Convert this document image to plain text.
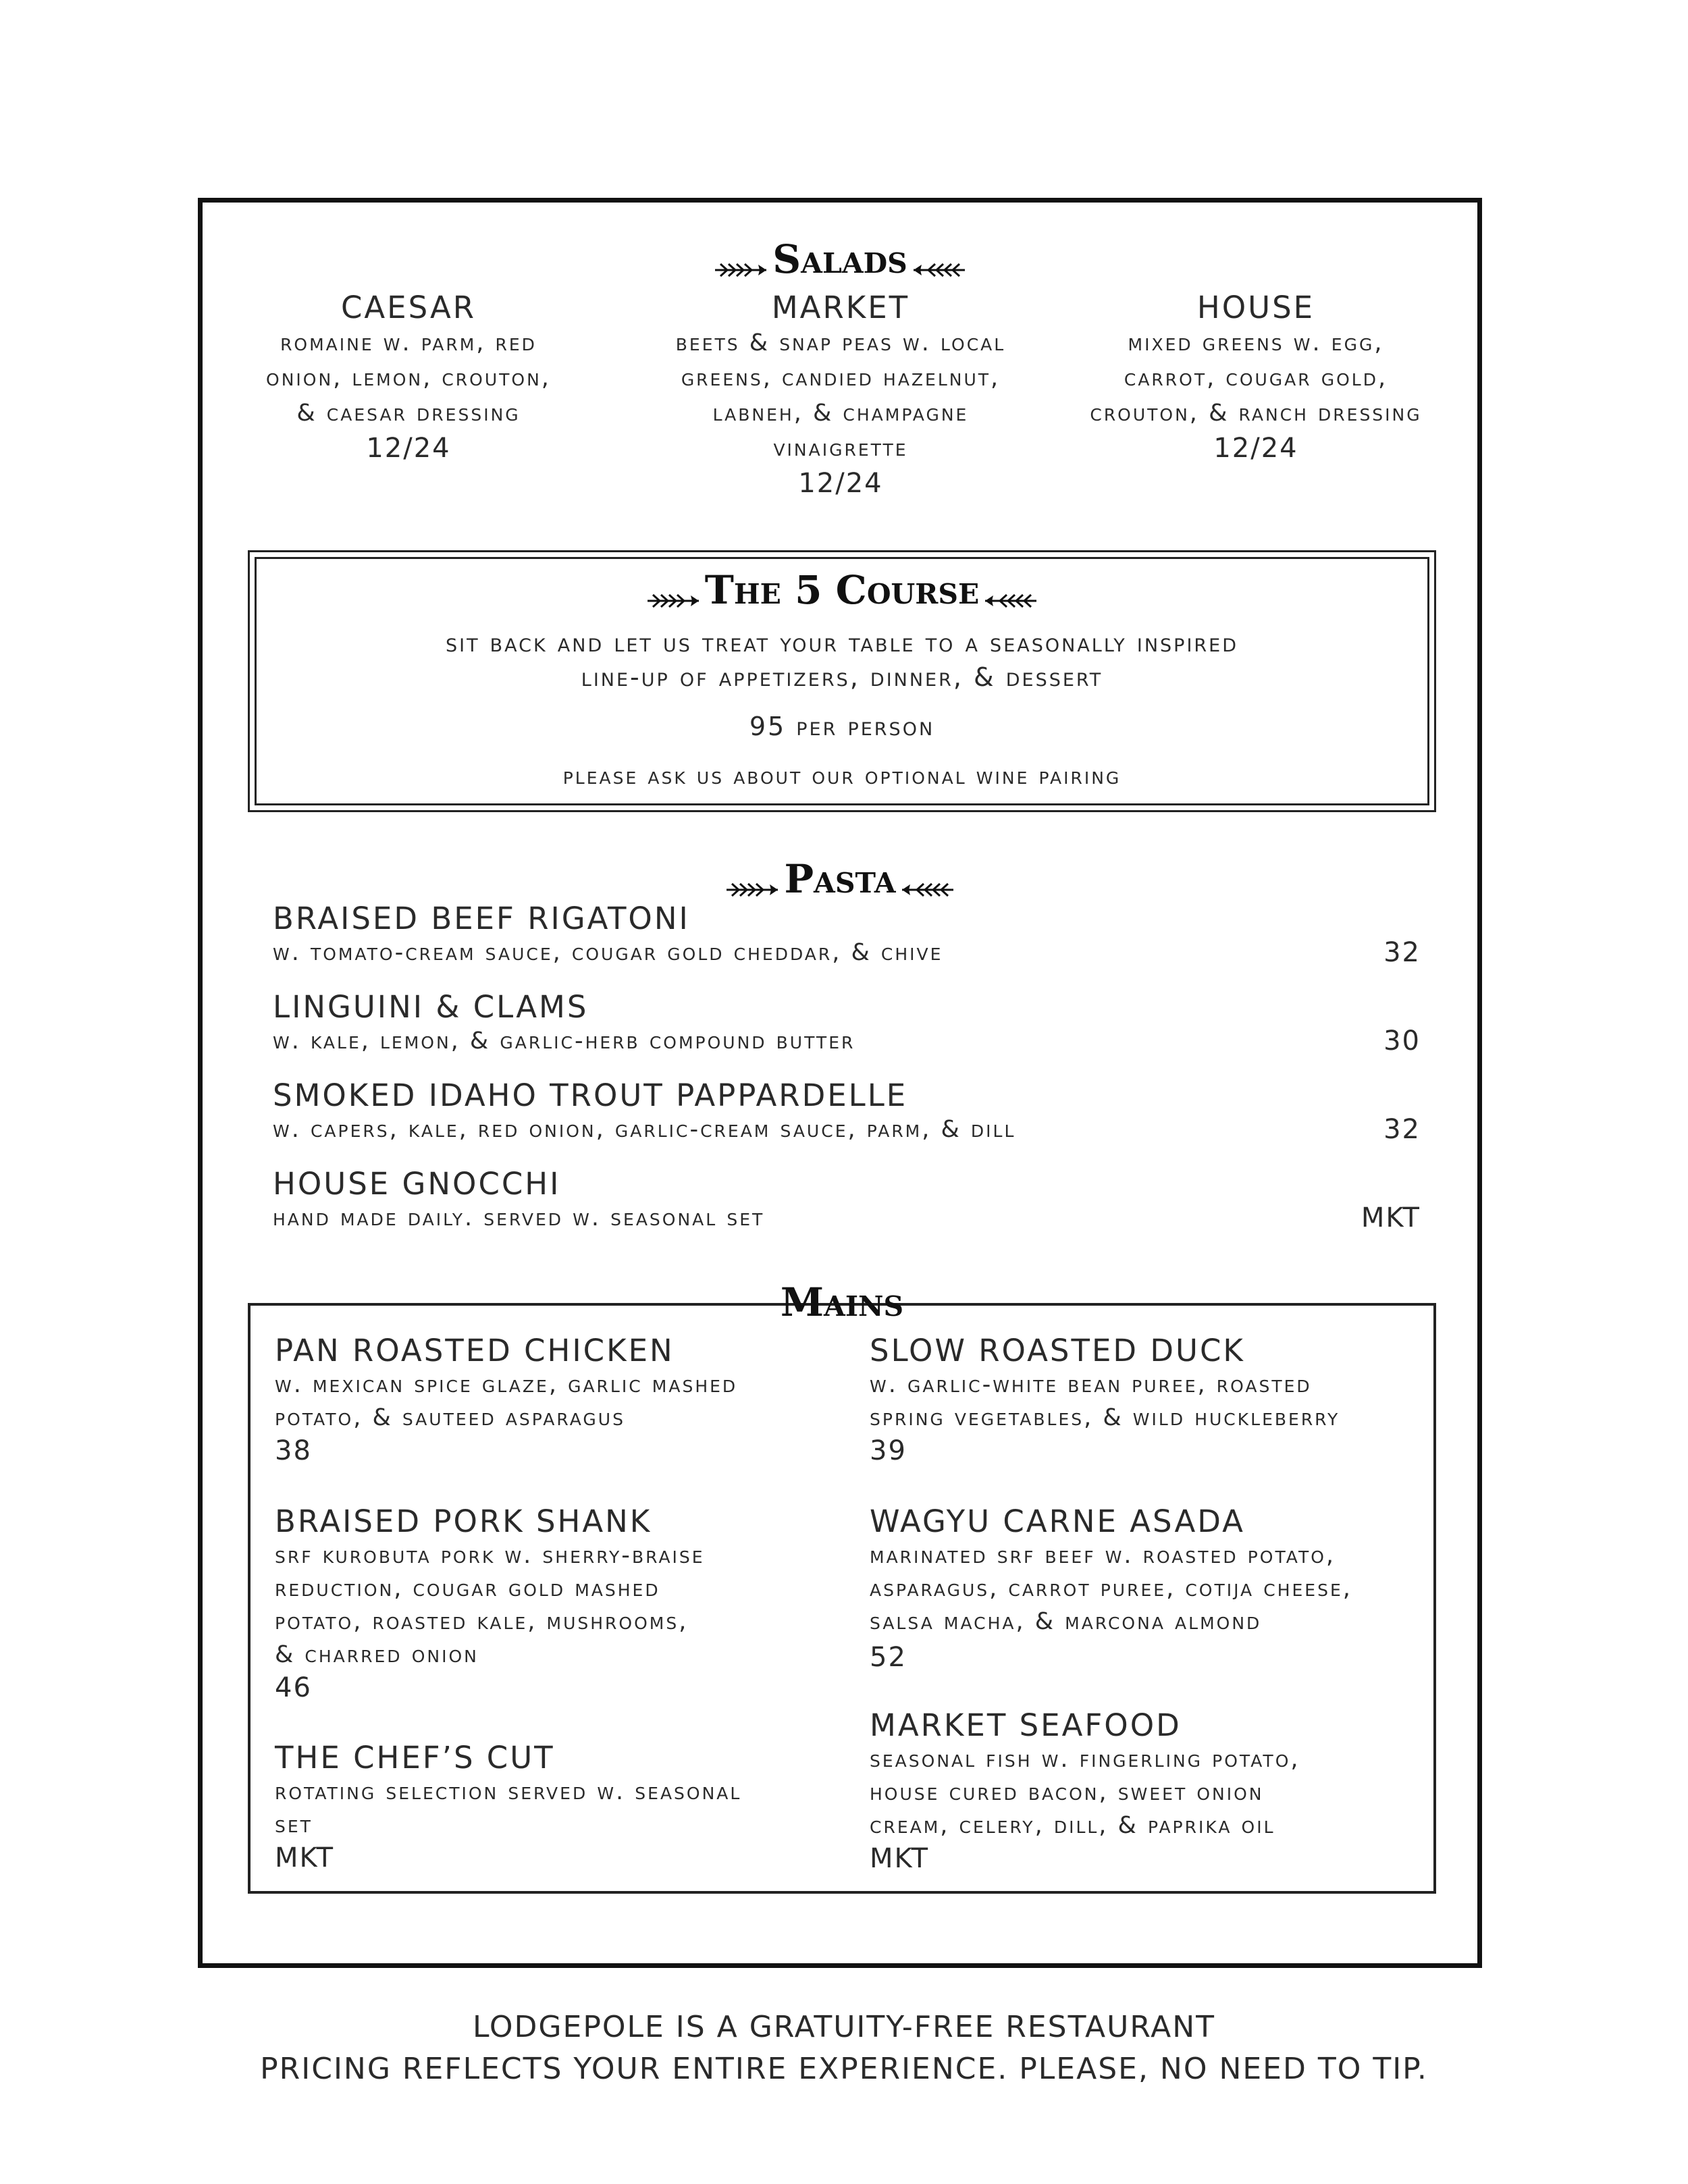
Salads
CAESAR
romaine w. parm, red
onion, lemon, crouton,
& caesar dressing
12/24
MARKET
beets & snap peas w. local
greens, candied hazelnut,
labneh, & champagne
vinaigrette
12/24
HOUSE
mixed greens w. egg,
carrot, cougar gold,
crouton, & ranch dressing
12/24
The 5 Course
sit back and let us treat your table to a seasonally inspired
line-up of appetizers, dinner, & dessert
95 per person
please ask us about our optional wine pairing
Pasta
BRAISED BEEF RIGATONI
w. tomato-cream sauce, cougar gold cheddar, & chive	32
LINGUINI & CLAMS
w. kale, lemon, & garlic-herb compound butter	30
SMOKED IDAHO TROUT PAPPARDELLE
w. capers, kale, red onion, garlic-cream sauce, parm, & dill	32
HOUSE GNOCCHI
hand made daily. served w. seasonal set	MKT
Mains
PAN ROASTED CHICKEN
w. mexican spice glaze, garlic mashed
potato, & sauteed asparagus
38
BRAISED PORK SHANK
srf kurobuta pork w. sherry-braise
reduction, cougar gold mashed
potato, roasted kale, mushrooms,
& charred onion
46
THE CHEF’S CUT
rotating selection served w. seasonal
set
MKT
SLOW ROASTED DUCK
w. garlic-white bean puree, roasted
spring vegetables, & wild huckleberry
39
WAGYU CARNE ASADA
marinated srf beef w. roasted potato,
asparagus, carrot puree, cotija cheese,
salsa macha, & marcona almond
52
MARKET SEAFOOD
seasonal fish w. fingerling potato,
house cured bacon, sweet onion
cream, celery, dill, & paprika oil
MKT
LODGEPOLE IS A GRATUITY-FREE RESTAURANT
PRICING REFLECTS YOUR ENTIRE EXPERIENCE. PLEASE, NO NEED TO TIP.
